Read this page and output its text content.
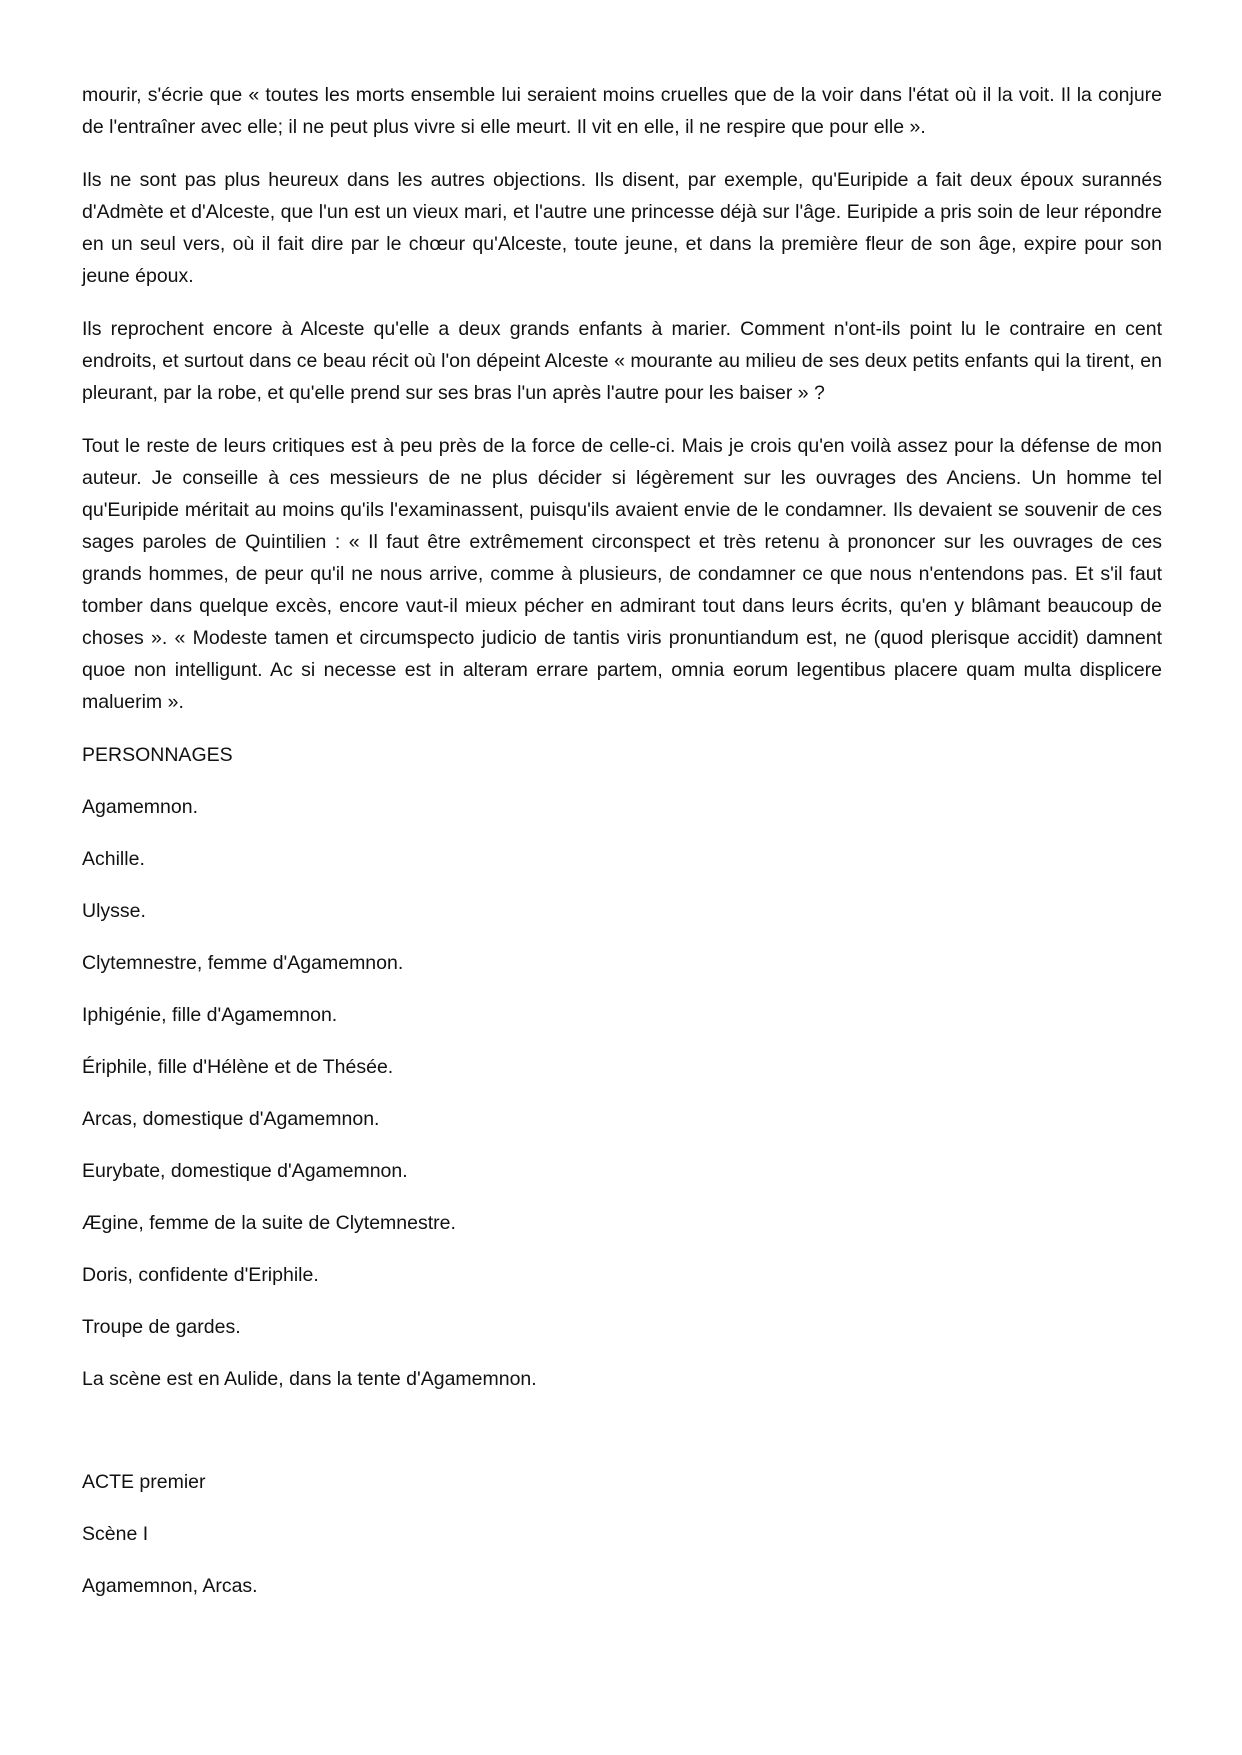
mourir, s'écrie que « toutes les morts ensemble lui seraient moins cruelles que de la voir dans l'état où il la voit. Il la conjure de l'entraîner avec elle; il ne peut plus vivre si elle meurt. Il vit en elle, il ne respire que pour elle ».

Ils ne sont pas plus heureux dans les autres objections. Ils disent, par exemple, qu'Euripide a fait deux époux surannés d'Admète et d'Alceste, que l'un est un vieux mari, et l'autre une princesse déjà sur l'âge. Euripide a pris soin de leur répondre en un seul vers, où il fait dire par le chœur qu'Alceste, toute jeune, et dans la première fleur de son âge, expire pour son jeune époux.

Ils reprochent encore à Alceste qu'elle a deux grands enfants à marier. Comment n'ont-ils point lu le contraire en cent endroits, et surtout dans ce beau récit où l'on dépeint Alceste « mourante au milieu de ses deux petits enfants qui la tirent, en pleurant, par la robe, et qu'elle prend sur ses bras l'un après l'autre pour les baiser » ?

Tout le reste de leurs critiques est à peu près de la force de celle-ci. Mais je crois qu'en voilà assez pour la défense de mon auteur. Je conseille à ces messieurs de ne plus décider si légèrement sur les ouvrages des Anciens. Un homme tel qu'Euripide méritait au moins qu'ils l'examinassent, puisqu'ils avaient envie de le condamner. Ils devaient se souvenir de ces sages paroles de Quintilien : « Il faut être extrêmement circonspect et très retenu à prononcer sur les ouvrages de ces grands hommes, de peur qu'il ne nous arrive, comme à plusieurs, de condamner ce que nous n'entendons pas. Et s'il faut tomber dans quelque excès, encore vaut-il mieux pécher en admirant tout dans leurs écrits, qu'en y blâmant beaucoup de choses ». « Modeste tamen et circumspecto judicio de tantis viris pronuntiandum est, ne (quod plerisque accidit) damnent quoe non intelligunt. Ac si necesse est in alteram errare partem, omnia eorum legentibus placere quam multa displicere maluerim ».

PERSONNAGES

Agamemnon.

Achille.

Ulysse.

Clytemnestre, femme d'Agamemnon.

Iphigénie, fille d'Agamemnon.

Ériphile, fille d'Hélène et de Thésée.

Arcas, domestique d'Agamemnon.

Eurybate, domestique d'Agamemnon.

Ægine, femme de la suite de Clytemnestre.

Doris, confidente d'Eriphile.

Troupe de gardes.

La scène est en Aulide, dans la tente d'Agamemnon.

ACTE premier

Scène I

Agamemnon, Arcas.
